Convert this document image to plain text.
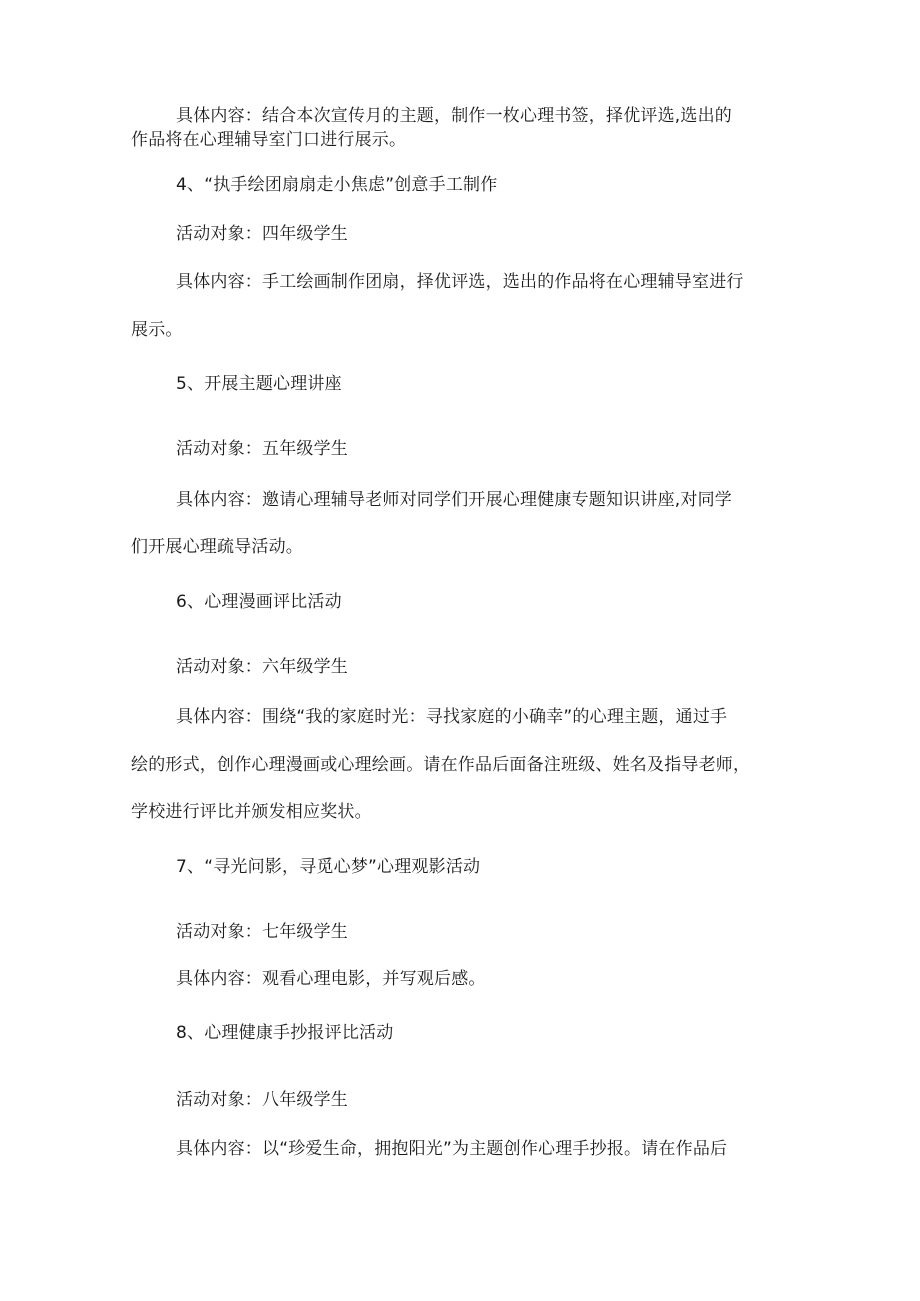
具体内容：结合本次宣传月的主题，制作一枚心理书签，择优评选,选出的
作品将在心理辅导室门口进行展示。
4、“执手绘团扇扇走小焦虑”创意手工制作
活动对象：四年级学生
具体内容：手工绘画制作团扇，择优评选，选出的作品将在心理辅导室进行
展示。
5、开展主题心理讲座
活动对象：五年级学生
具体内容：邀请心理辅导老师对同学们开展心理健康专题知识讲座,对同学
们开展心理疏导活动。
6、心理漫画评比活动
活动对象：六年级学生
具体内容：围绕“我的家庭时光：寻找家庭的小确幸”的心理主题，通过手
绘的形式，创作心理漫画或心理绘画。请在作品后面备注班级、姓名及指导老师，
学校进行评比并颁发相应奖状。
7、“寻光问影，寻觅心梦”心理观影活动
活动对象：七年级学生
具体内容：观看心理电影，并写观后感。
8、心理健康手抄报评比活动
活动对象：八年级学生
具体内容：以“珍爱生命，拥抱阳光”为主题创作心理手抄报。请在作品后
